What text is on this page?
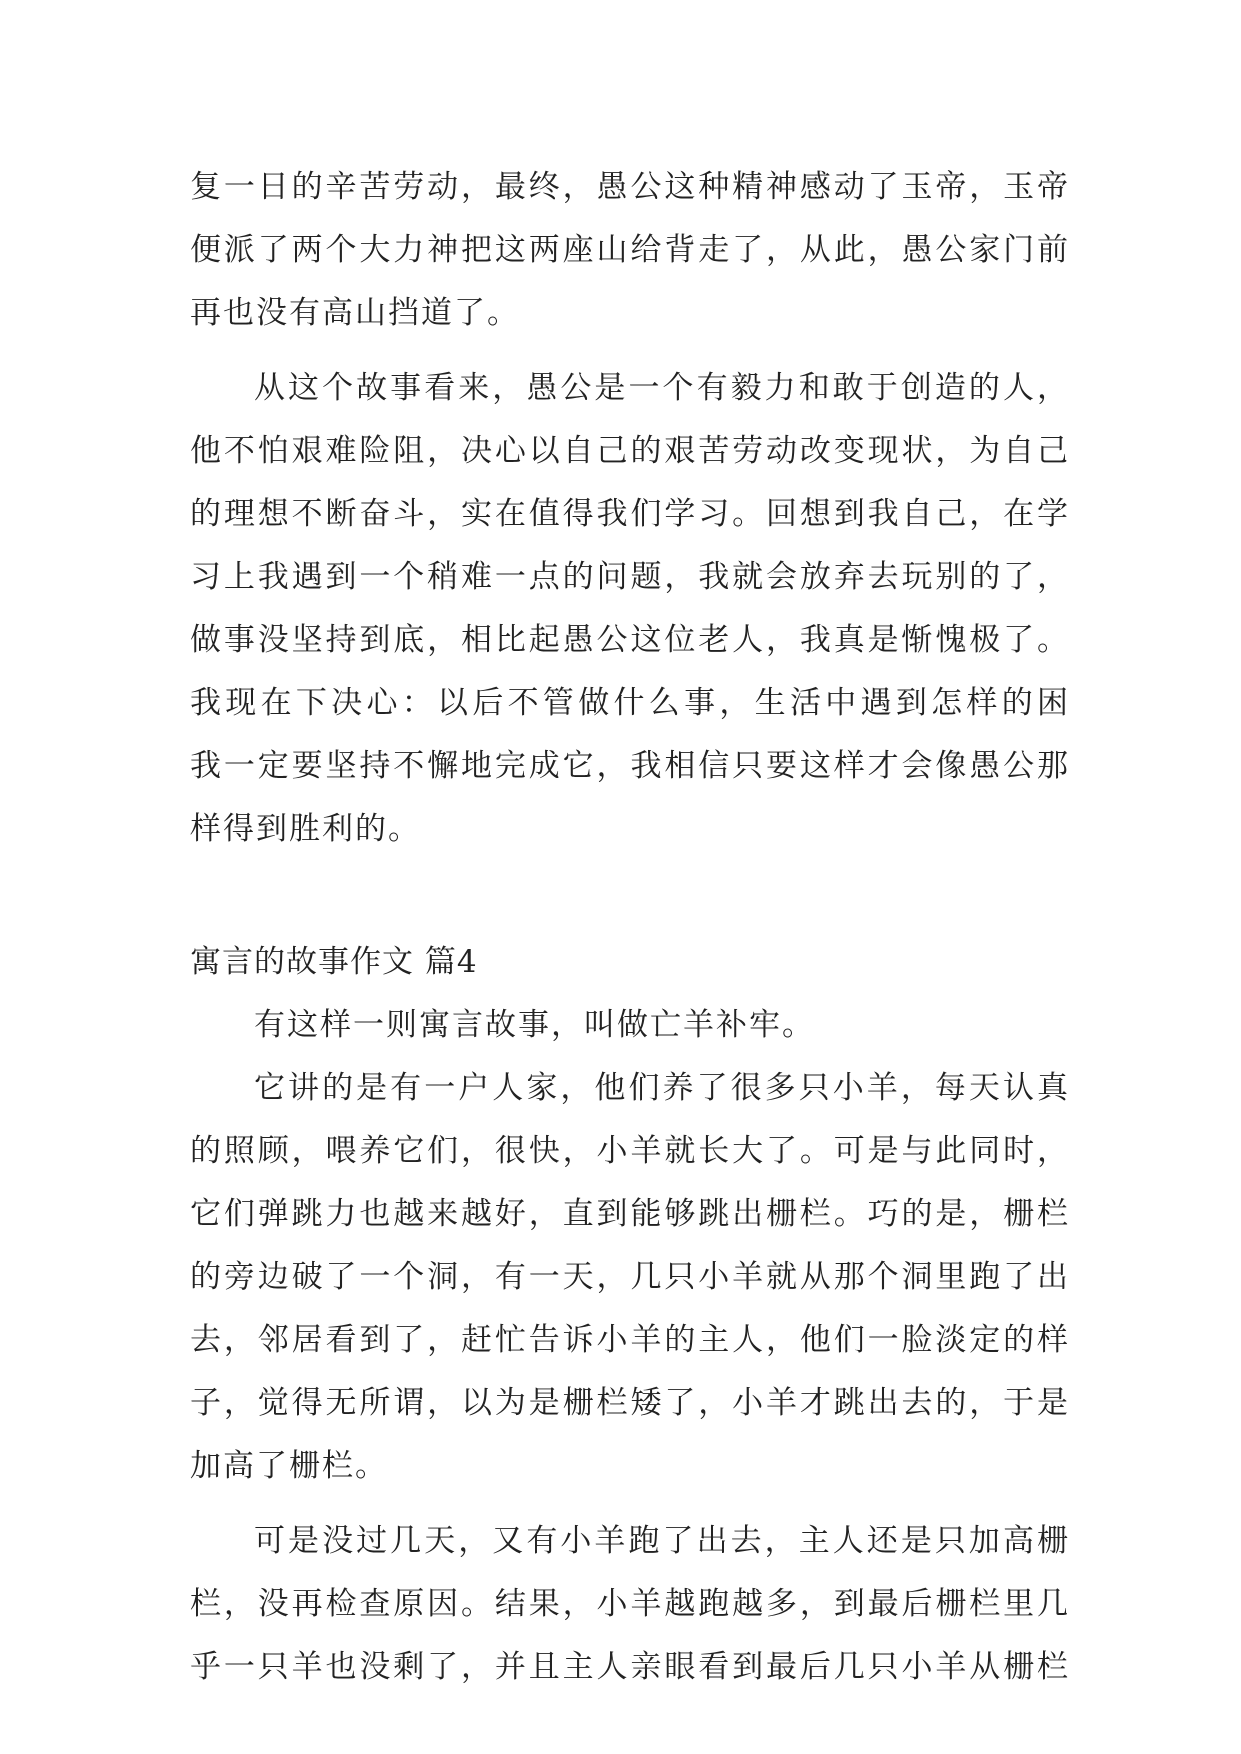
复一日的辛苦劳动，最终，愚公这种精神感动了玉帝，玉帝
便派了两个大力神把这两座山给背走了，从此，愚公家门前
再也没有高山挡道了。
从这个故事看来，愚公是一个有毅力和敢于创造的人，
他不怕艰难险阻，决心以自己的艰苦劳动改变现状，为自己
的理想不断奋斗，实在值得我们学习。回想到我自己，在学
习上我遇到一个稍难一点的问题，我就会放弃去玩别的了，
做事没坚持到底，相比起愚公这位老人，我真是惭愧极了。
我现在下决心：以后不管做什么事，生活中遇到怎样的困
我一定要坚持不懈地完成它，我相信只要这样才会像愚公那
样得到胜利的。
寓言的故事作文 篇4
有这样一则寓言故事，叫做亡羊补牢。
它讲的是有一户人家，他们养了很多只小羊，每天认真
的照顾，喂养它们，很快，小羊就长大了。可是与此同时，
它们弹跳力也越来越好，直到能够跳出栅栏。巧的是，栅栏
的旁边破了一个洞，有一天，几只小羊就从那个洞里跑了出
去，邻居看到了，赶忙告诉小羊的主人，他们一脸淡定的样
子，觉得无所谓，以为是栅栏矮了，小羊才跳出去的，于是
加高了栅栏。
可是没过几天，又有小羊跑了出去，主人还是只加高栅
栏，没再检查原因。结果，小羊越跑越多，到最后栅栏里几
乎一只羊也没剩了，并且主人亲眼看到最后几只小羊从栅栏
